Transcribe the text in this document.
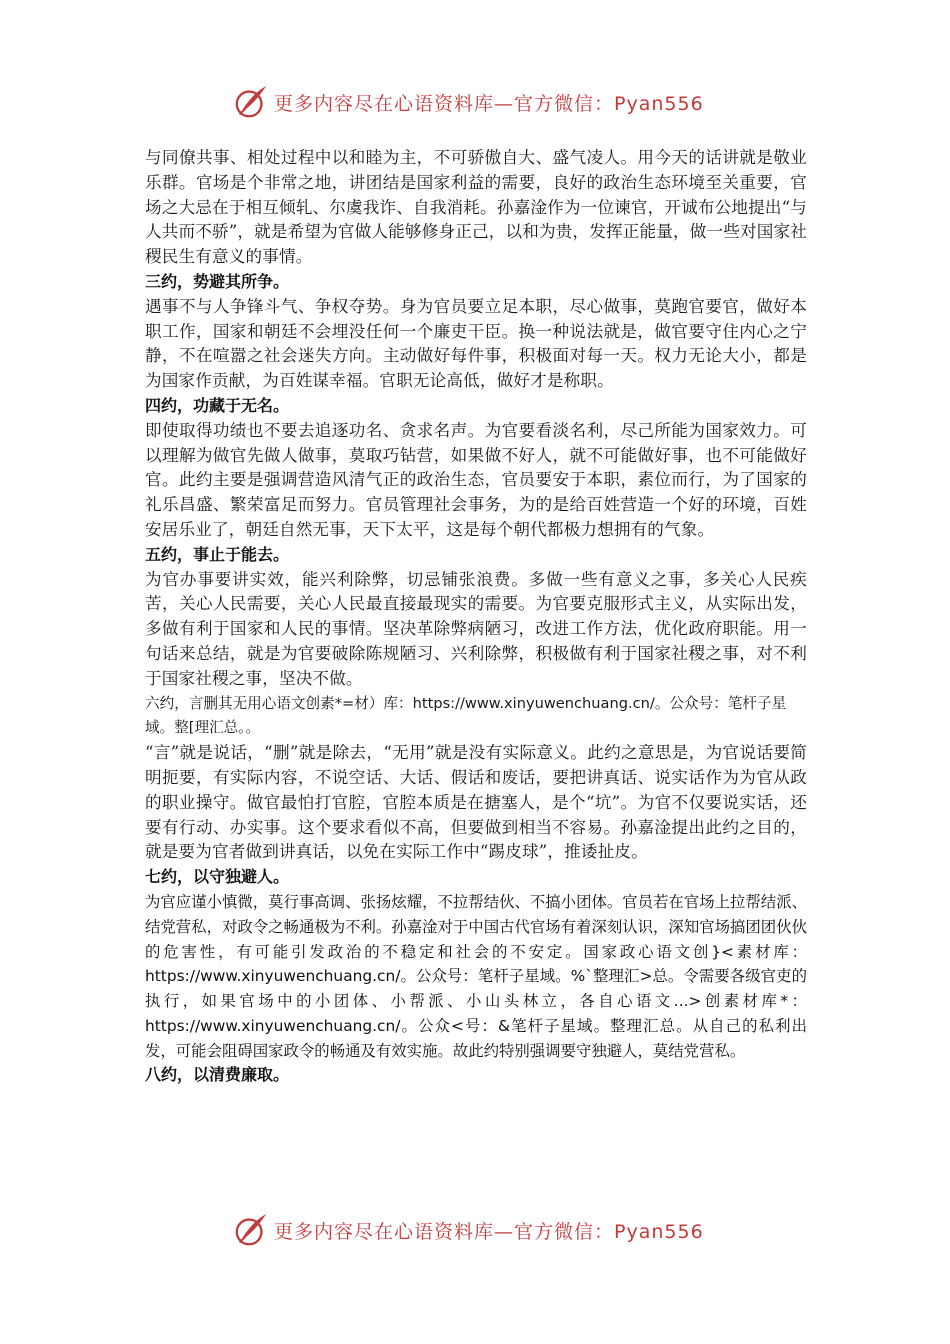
更多内容尽在心语资料库—官方微信：Pyan556

与同僚共事、相处过程中以和睦为主，不可骄傲自大、盛气凌人。用今天的话讲就是敬业乐群。官场是个非常之地，讲团结是国家利益的需要，良好的政治生态环境至关重要，官场之大忌在于相互倾轧、尔虞我诈、自我消耗。孙嘉淦作为一位谏官，开诚布公地提出“与人共而不骄”，就是希望为官做人能够修身正己，以和为贵，发挥正能量，做一些对国家社稷民生有意义的事情。

三约，势避其所争。

遇事不与人争锋斗气、争权夺势。身为官员要立足本职，尽心做事，莫跑官要官，做好本职工作，国家和朝廷不会埋没任何一个廉吏干臣。换一种说法就是，做官要守住内心之宁静，不在喧嚣之社会迷失方向。主动做好每件事，积极面对每一天。权力无论大小，都是为国家作贡献，为百姓谋幸福。官职无论高低，做好才是称职。

四约，功藏于无名。

即使取得功绩也不要去追逐功名、贪求名声。为官要看淡名利，尽己所能为国家效力。可以理解为做官先做人做事，莫取巧钻营，如果做不好人，就不可能做好事，也不可能做好官。此约主要是强调营造风清气正的政治生态，官员要安于本职，素位而行，为了国家的礼乐昌盛、繁荣富足而努力。官员管理社会事务，为的是给百姓营造一个好的环境，百姓安居乐业了，朝廷自然无事，天下太平，这是每个朝代都极力想拥有的气象。

五约，事止于能去。

为官办事要讲实效，能兴利除弊，切忌铺张浪费。多做一些有意义之事，多关心人民疾苦，关心人民需要，关心人民最直接最现实的需要。为官要克服形式主义，从实际出发，多做有利于国家和人民的事情。坚决革除弊病陋习，改进工作方法，优化政府职能。用一句话来总结，就是为官要破除陈规陋习、兴利除弊，积极做有利于国家社稷之事，对不利于国家社稷之事，坚决不做。

六约，言删其无用心语文创素*=材）库：https://www.xinyuwenchuang.cn/。公众号：笔杆子星域。整[理汇总。。

“言”就是说话，“删”就是除去，“无用”就是没有实际意义。此约之意思是，为官说话要简明扼要，有实际内容，不说空话、大话、假话和废话，要把讲真话、说实话作为为官从政的职业操守。做官最怕打官腔，官腔本质是在搪塞人，是个“坑”。为官不仅要说实话，还要有行动、办实事。这个要求看似不高，但要做到相当不容易。孙嘉淦提出此约之目的，就是要为官者做到讲真话，以免在实际工作中“踢皮球”，推诿扯皮。

七约，以守独避人。

为官应谨小慎微，莫行事高调、张扬炫耀，不拉帮结伙、不搞小团体。官员若在官场上拉帮结派、结党营私，对政令之畅通极为不利。孙嘉淦对于中国古代官场有着深刻认识，深知官场搞团团伙伙的危害性，有可能引发政治的不稳定和社会的不安定。国家政心语文创}<素材库：https://www.xinyuwenchuang.cn/。公众号：笔杆子星域。%`整理汇>总。令需要各级官吏的执行，如果官场中的小团体、小帮派、小山头林立，各自心语文...>创素材库*：https://www.xinyuwenchuang.cn/。公众<号：&笔杆子星域。整理汇总。从自己的私利出发，可能会阻碍国家政令的畅通及有效实施。故此约特别强调要守独避人，莫结党营私。

八约，以清费廉取。

更多内容尽在心语资料库—官方微信：Pyan556
